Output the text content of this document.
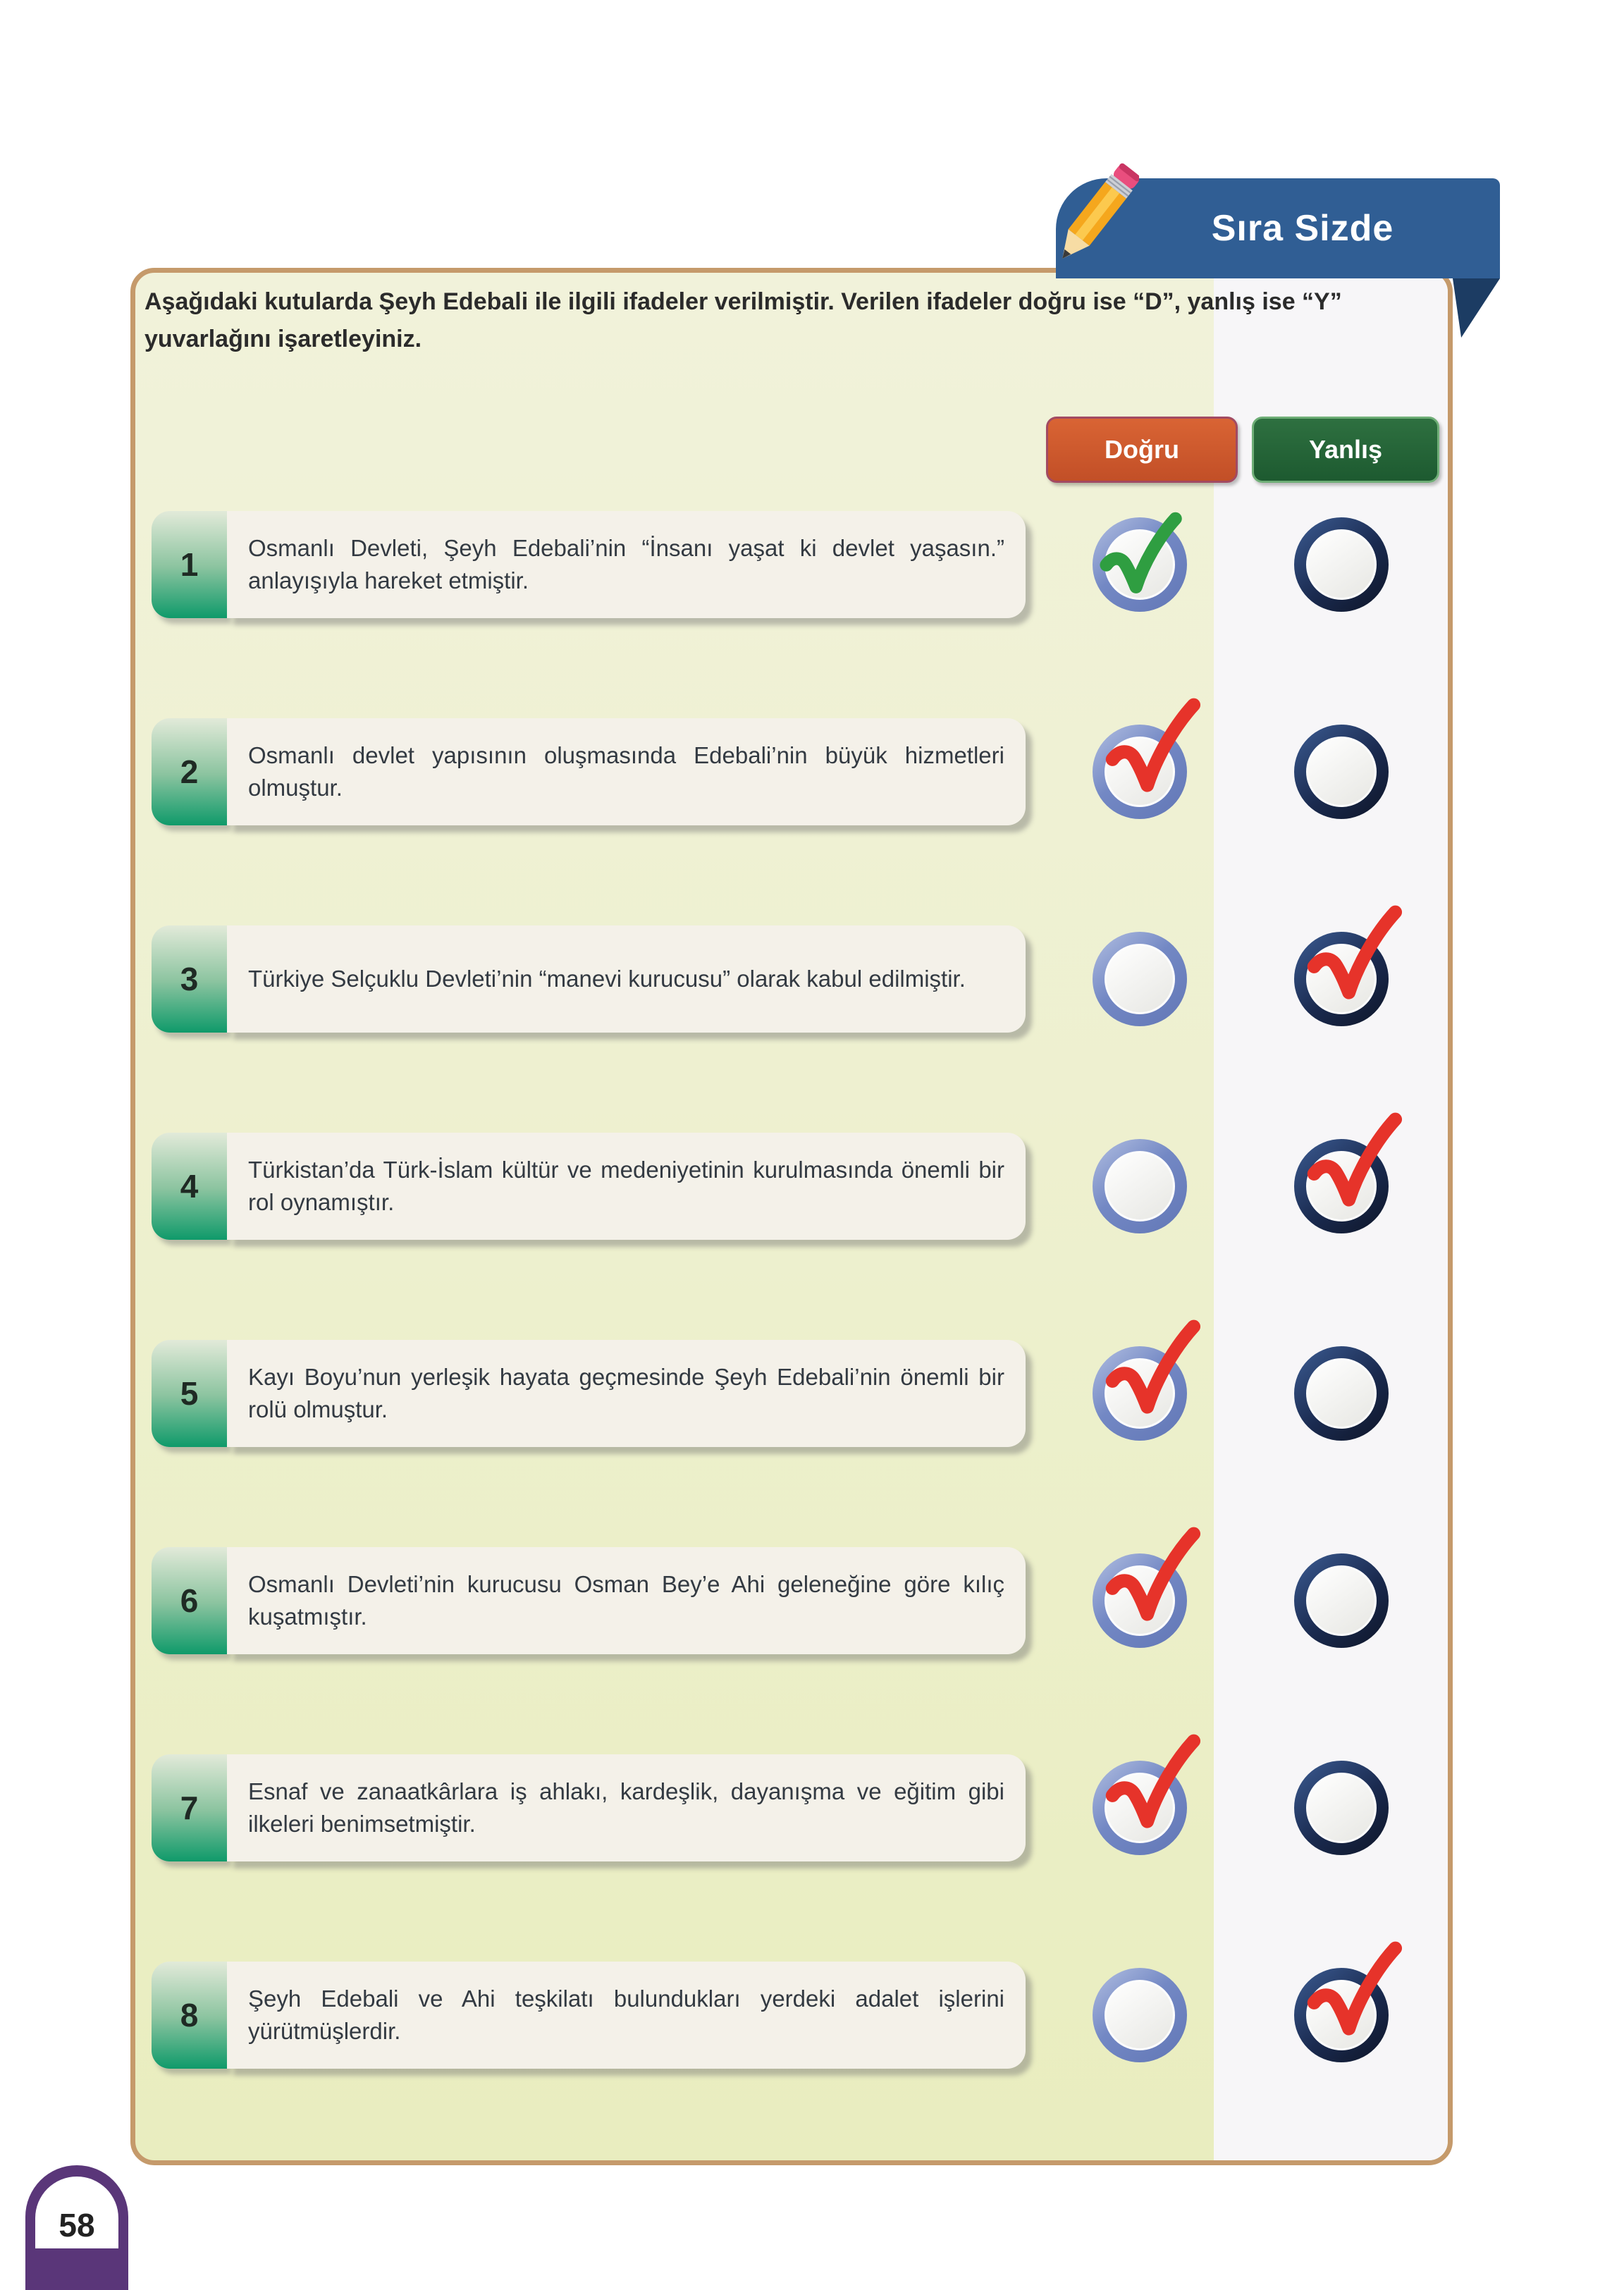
Sıra Sizde
Aşağıdaki kutularda Şeyh Edebali ile ilgili ifadeler verilmiştir. Verilen ifadeler doğru ise “D”, yanlış ise “Y” yuvarlağını işaretleyiniz.
Doğru	Yanlış
1	Osmanlı Devleti, Şeyh Edebali’nin “İnsanı yaşat ki devlet yaşasın.” anlayışıyla hareket etmiştir.
2	Osmanlı devlet yapısının oluşmasında Edebali’nin büyük hizmetleri olmuştur.
3	Türkiye Selçuklu Devleti’nin “manevi kurucusu” olarak kabul edilmiştir.
4	Türkistan’da Türk-İslam kültür ve medeniyetinin kurulmasında önemli bir rol oynamıştır.
5	Kayı Boyu’nun yerleşik hayata geçmesinde Şeyh Edebali’nin önemli bir rolü olmuştur.
6	Osmanlı Devleti’nin kurucusu Osman Bey’e Ahi geleneğine göre kılıç kuşatmıştır.
7	Esnaf ve zanaatkârlara iş ahlakı, kardeşlik, dayanışma ve eğitim gibi ilkeleri benimsetmiştir.
8	Şeyh Edebali ve Ahi teşkilatı bulundukları yerdeki adalet işlerini yürütmüşlerdir.
58
